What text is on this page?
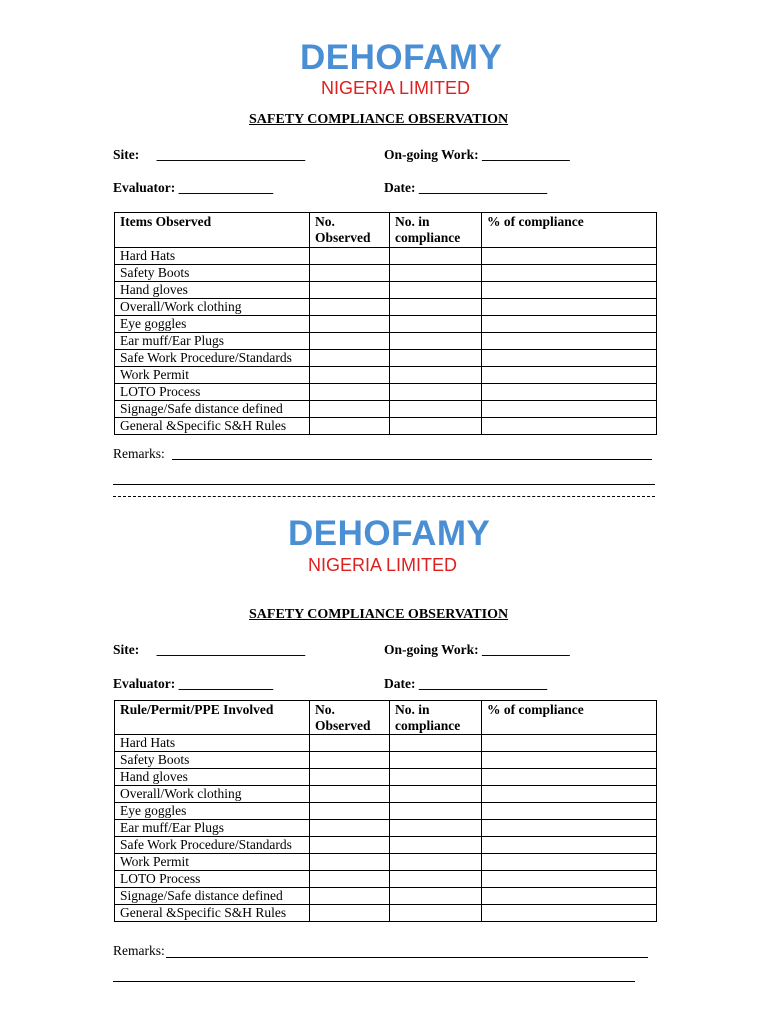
DEHOFAMY
NIGERIA LIMITED
SAFETY COMPLIANCE OBSERVATION
Site: ______________________	On-going Work: _____________
Evaluator: ______________	Date: ___________________
Items Observed	No. Observed	No. in compliance	% of compliance
Hard Hats			
Safety Boots			
Hand gloves			
Overall/Work clothing			
Eye goggles			
Ear muff/Ear Plugs			
Safe Work Procedure/Standards			
Work Permit			
LOTO Process			
Signage/Safe distance defined			
General &Specific S&H Rules			
Remarks:
DEHOFAMY
NIGERIA LIMITED
SAFETY COMPLIANCE OBSERVATION
Site: ______________________	On-going Work: _____________
Evaluator: ______________	Date: ___________________
Rule/Permit/PPE Involved	No. Observed	No. in compliance	% of compliance
Hard Hats			
Safety Boots			
Hand gloves			
Overall/Work clothing			
Eye goggles			
Ear muff/Ear Plugs			
Safe Work Procedure/Standards			
Work Permit			
LOTO Process			
Signage/Safe distance defined			
General &Specific S&H Rules			
Remarks:
